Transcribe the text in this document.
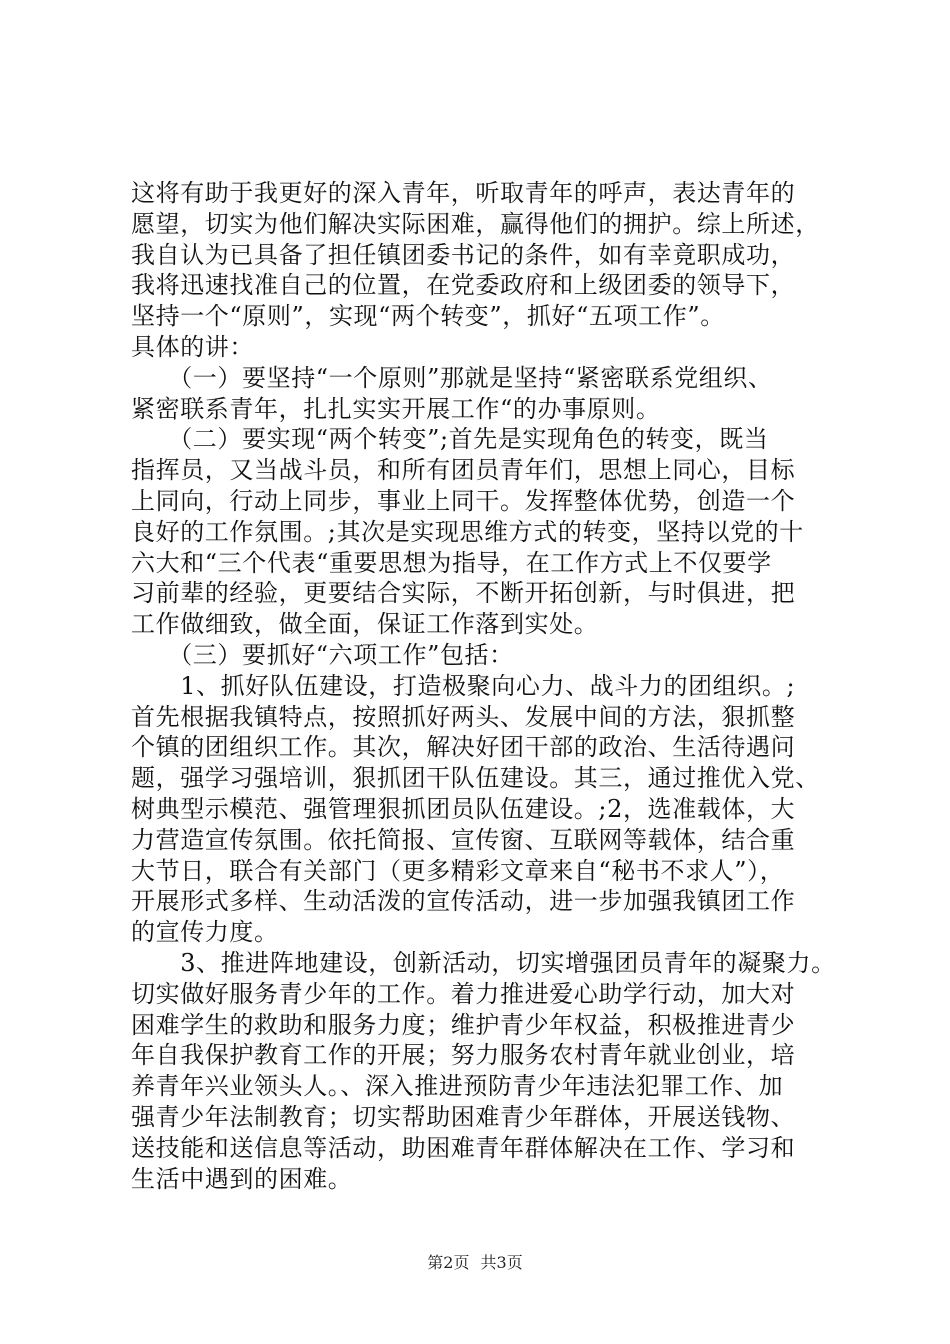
这将有助于我更好的深入青年，听取青年的呼声，表达青年的
愿望，切实为他们解决实际困难，赢得他们的拥护。综上所述，
我自认为已具备了担任镇团委书记的条件，如有幸竟职成功，
我将迅速找准自己的位置，在党委政府和上级团委的领导下，
坚持一个“原则”，实现“两个转变”，抓好“五项工作”。
具体的讲：
　　（一）要坚持“一个原则”那就是坚持“紧密联系党组织、
紧密联系青年，扎扎实实开展工作“的办事原则。
　　（二）要实现“两个转变”;首先是实现角色的转变，既当
指挥员，又当战斗员，和所有团员青年们，思想上同心，目标
上同向，行动上同步，事业上同干。发挥整体优势，创造一个
良好的工作氛围。;其次是实现思维方式的转变，坚持以党的十
六大和“三个代表“重要思想为指导，在工作方式上不仅要学
习前辈的经验，更要结合实际，不断开拓创新，与时俱进，把
工作做细致，做全面，保证工作落到实处。
　　（三）要抓好“六项工作”包括：
　　1、抓好队伍建设，打造极聚向心力、战斗力的团组织。;
首先根据我镇特点，按照抓好两头、发展中间的方法，狠抓整
个镇的团组织工作。其次，解决好团干部的政治、生活待遇问
题，强学习强培训，狠抓团干队伍建设。其三，通过推优入党、
树典型示模范、强管理狠抓团员队伍建设。;2，选准载体，大
力营造宣传氛围。依托简报、宣传窗、互联网等载体，结合重
大节日，联合有关部门（更多精彩文章来自“秘书不求人”），
开展形式多样、生动活泼的宣传活动，进一步加强我镇团工作
的宣传力度。
　　3、推进阵地建设，创新活动，切实增强团员青年的凝聚力。
切实做好服务青少年的工作。着力推进爱心助学行动，加大对
困难学生的救助和服务力度；维护青少年权益，积极推进青少
年自我保护教育工作的开展；努力服务农村青年就业创业，培
养青年兴业领头人。、深入推进预防青少年违法犯罪工作、加
强青少年法制教育；切实帮助困难青少年群体，开展送钱物、
送技能和送信息等活动，助困难青年群体解决在工作、学习和
生活中遇到的困难。
第2页 共3页
